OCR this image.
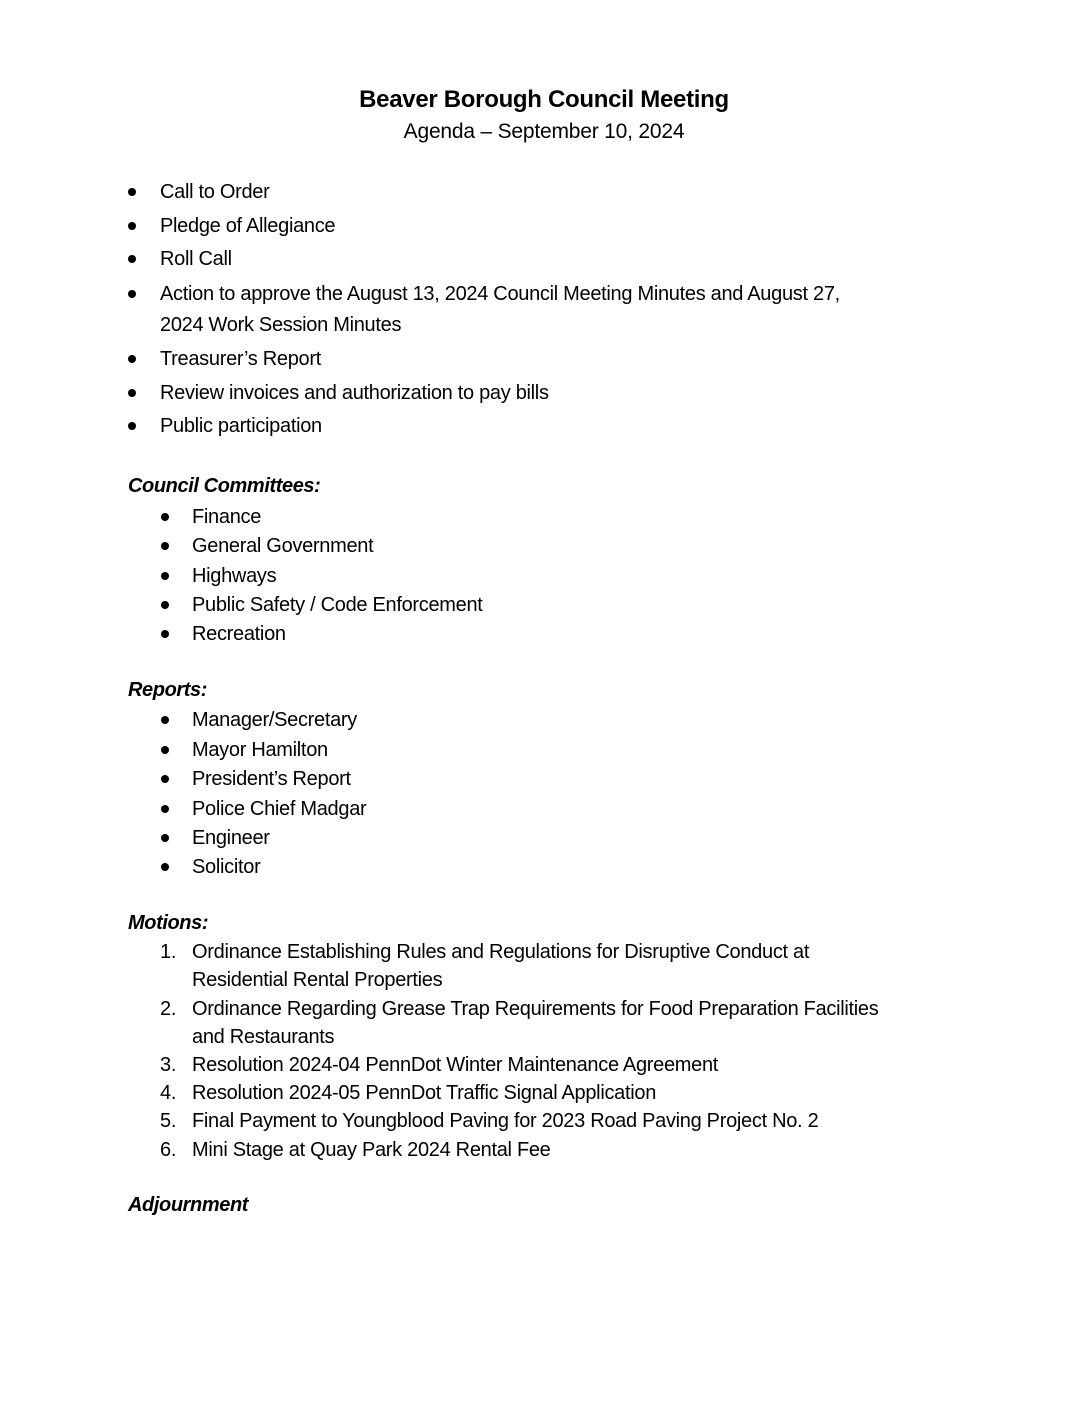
Beaver Borough Council Meeting
Agenda – September 10, 2024
Call to Order
Pledge of Allegiance
Roll Call
Action to approve the August 13, 2024 Council Meeting Minutes and August 27,
2024 Work Session Minutes
Treasurer’s Report
Review invoices and authorization to pay bills
Public participation
Council Committees:
Finance
General Government
Highways
Public Safety / Code Enforcement
Recreation
Reports:
Manager/Secretary
Mayor Hamilton
President’s Report
Police Chief Madgar
Engineer
Solicitor
Motions:
1. Ordinance Establishing Rules and Regulations for Disruptive Conduct at
Residential Rental Properties
2. Ordinance Regarding Grease Trap Requirements for Food Preparation Facilities
and Restaurants
3. Resolution 2024-04 PennDot Winter Maintenance Agreement
4. Resolution 2024-05 PennDot Traffic Signal Application
5. Final Payment to Youngblood Paving for 2023 Road Paving Project No. 2
6. Mini Stage at Quay Park 2024 Rental Fee
Adjournment
